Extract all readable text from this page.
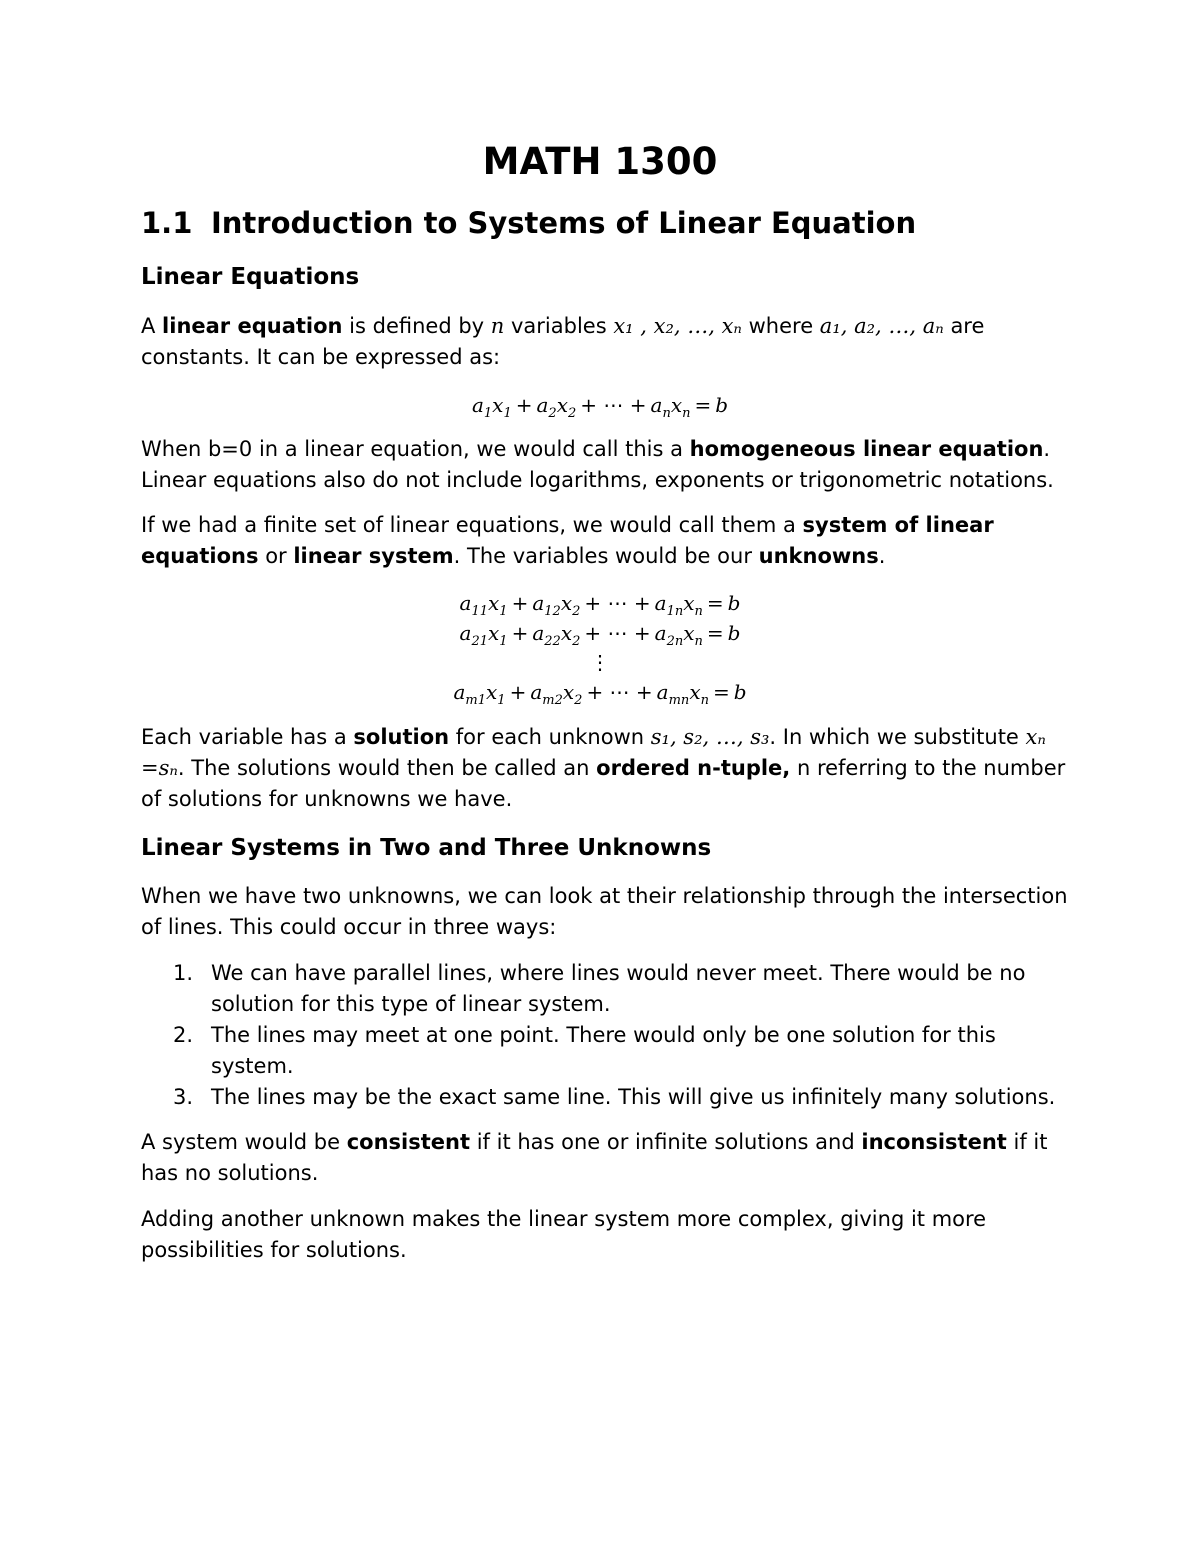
MATH 1300
1.1 Introduction to Systems of Linear Equation
Linear Equations
A linear equation is defined by n variables x₁ , x₂, …, xₙ where a₁, a₂, …, aₙ are constants. It can be expressed as:
$a_1x_1 + a_2x_2$ + ⋯ + $a_nx_n = b$
When b=0 in a linear equation, we would call this a homogeneous linear equation. Linear equations also do not include logarithms, exponents or trigonometric notations.
If we had a finite set of linear equations, we would call them a system of linear equations or linear system. The variables would be our unknowns.
$a_{11}x_1 + a_{12}x_2$ + ⋯ + $a_{1n}x_n = b$
$a_{21}x_1 + a_{22}x_2$ + ⋯ + $a_{2n}x_n = b$
⋮
$a_{m1}x_1 + a_{m2}x_2$ + ⋯ + $a_{mn}x_n = b$
Each variable has a solution for each unknown s₁, s₂, …, s₃. In which we substitute xₙ =sₙ. The solutions would then be called an ordered n-tuple, n referring to the number of solutions for unknowns we have.
Linear Systems in Two and Three Unknowns
When we have two unknowns, we can look at their relationship through the intersection of lines. This could occur in three ways:
1. We can have parallel lines, where lines would never meet. There would be no solution for this type of linear system.
2. The lines may meet at one point. There would only be one solution for this system.
3. The lines may be the exact same line. This will give us infinitely many solutions.
A system would be consistent if it has one or infinite solutions and inconsistent if it has no solutions.
Adding another unknown makes the linear system more complex, giving it more possibilities for solutions.
